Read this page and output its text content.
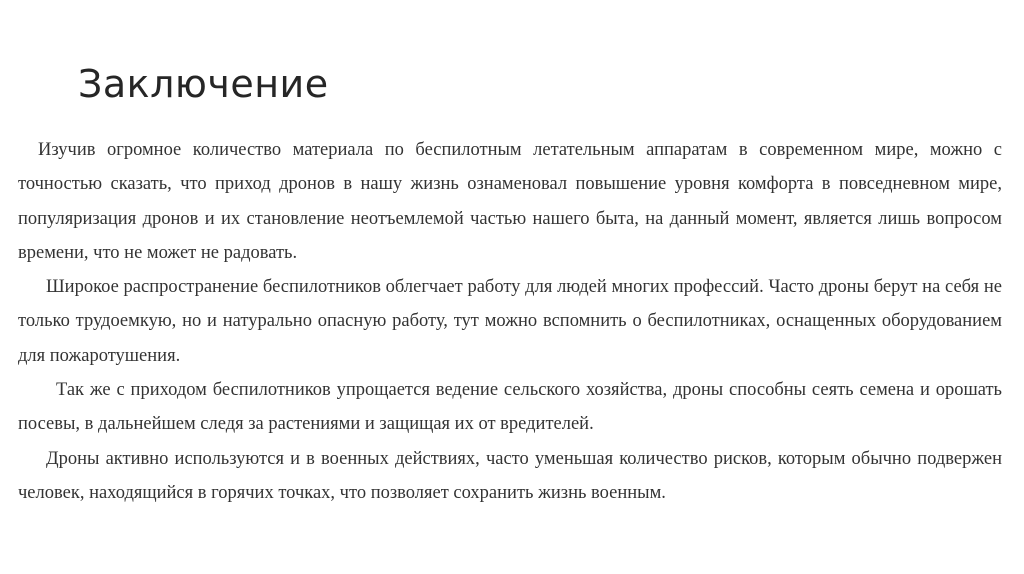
Заключение

Изучив огромное количество материала по беспилотным летательным аппаратам в современном мире, можно с точностью сказать, что приход дронов в нашу жизнь ознаменовал повышение уровня комфорта в повседневном мире, популяризация дронов и их становление неотъемлемой частью нашего быта, на данный момент, является лишь вопросом времени, что не может не радовать.

Широкое распространение беспилотников облегчает работу для людей многих профессий. Часто дроны берут на себя не только трудоемкую, но и натурально опасную работу, тут можно вспомнить о беспилотниках, оснащенных оборудованием для пожаротушения.

Так же с приходом беспилотников упрощается ведение сельского хозяйства, дроны способны сеять семена и орошать посевы, в дальнейшем следя за растениями и защищая их от вредителей.

Дроны активно используются и в военных действиях, часто уменьшая количество рисков, которым обычно подвержен человек, находящийся в горячих точках, что позволяет сохранить жизнь военным.
